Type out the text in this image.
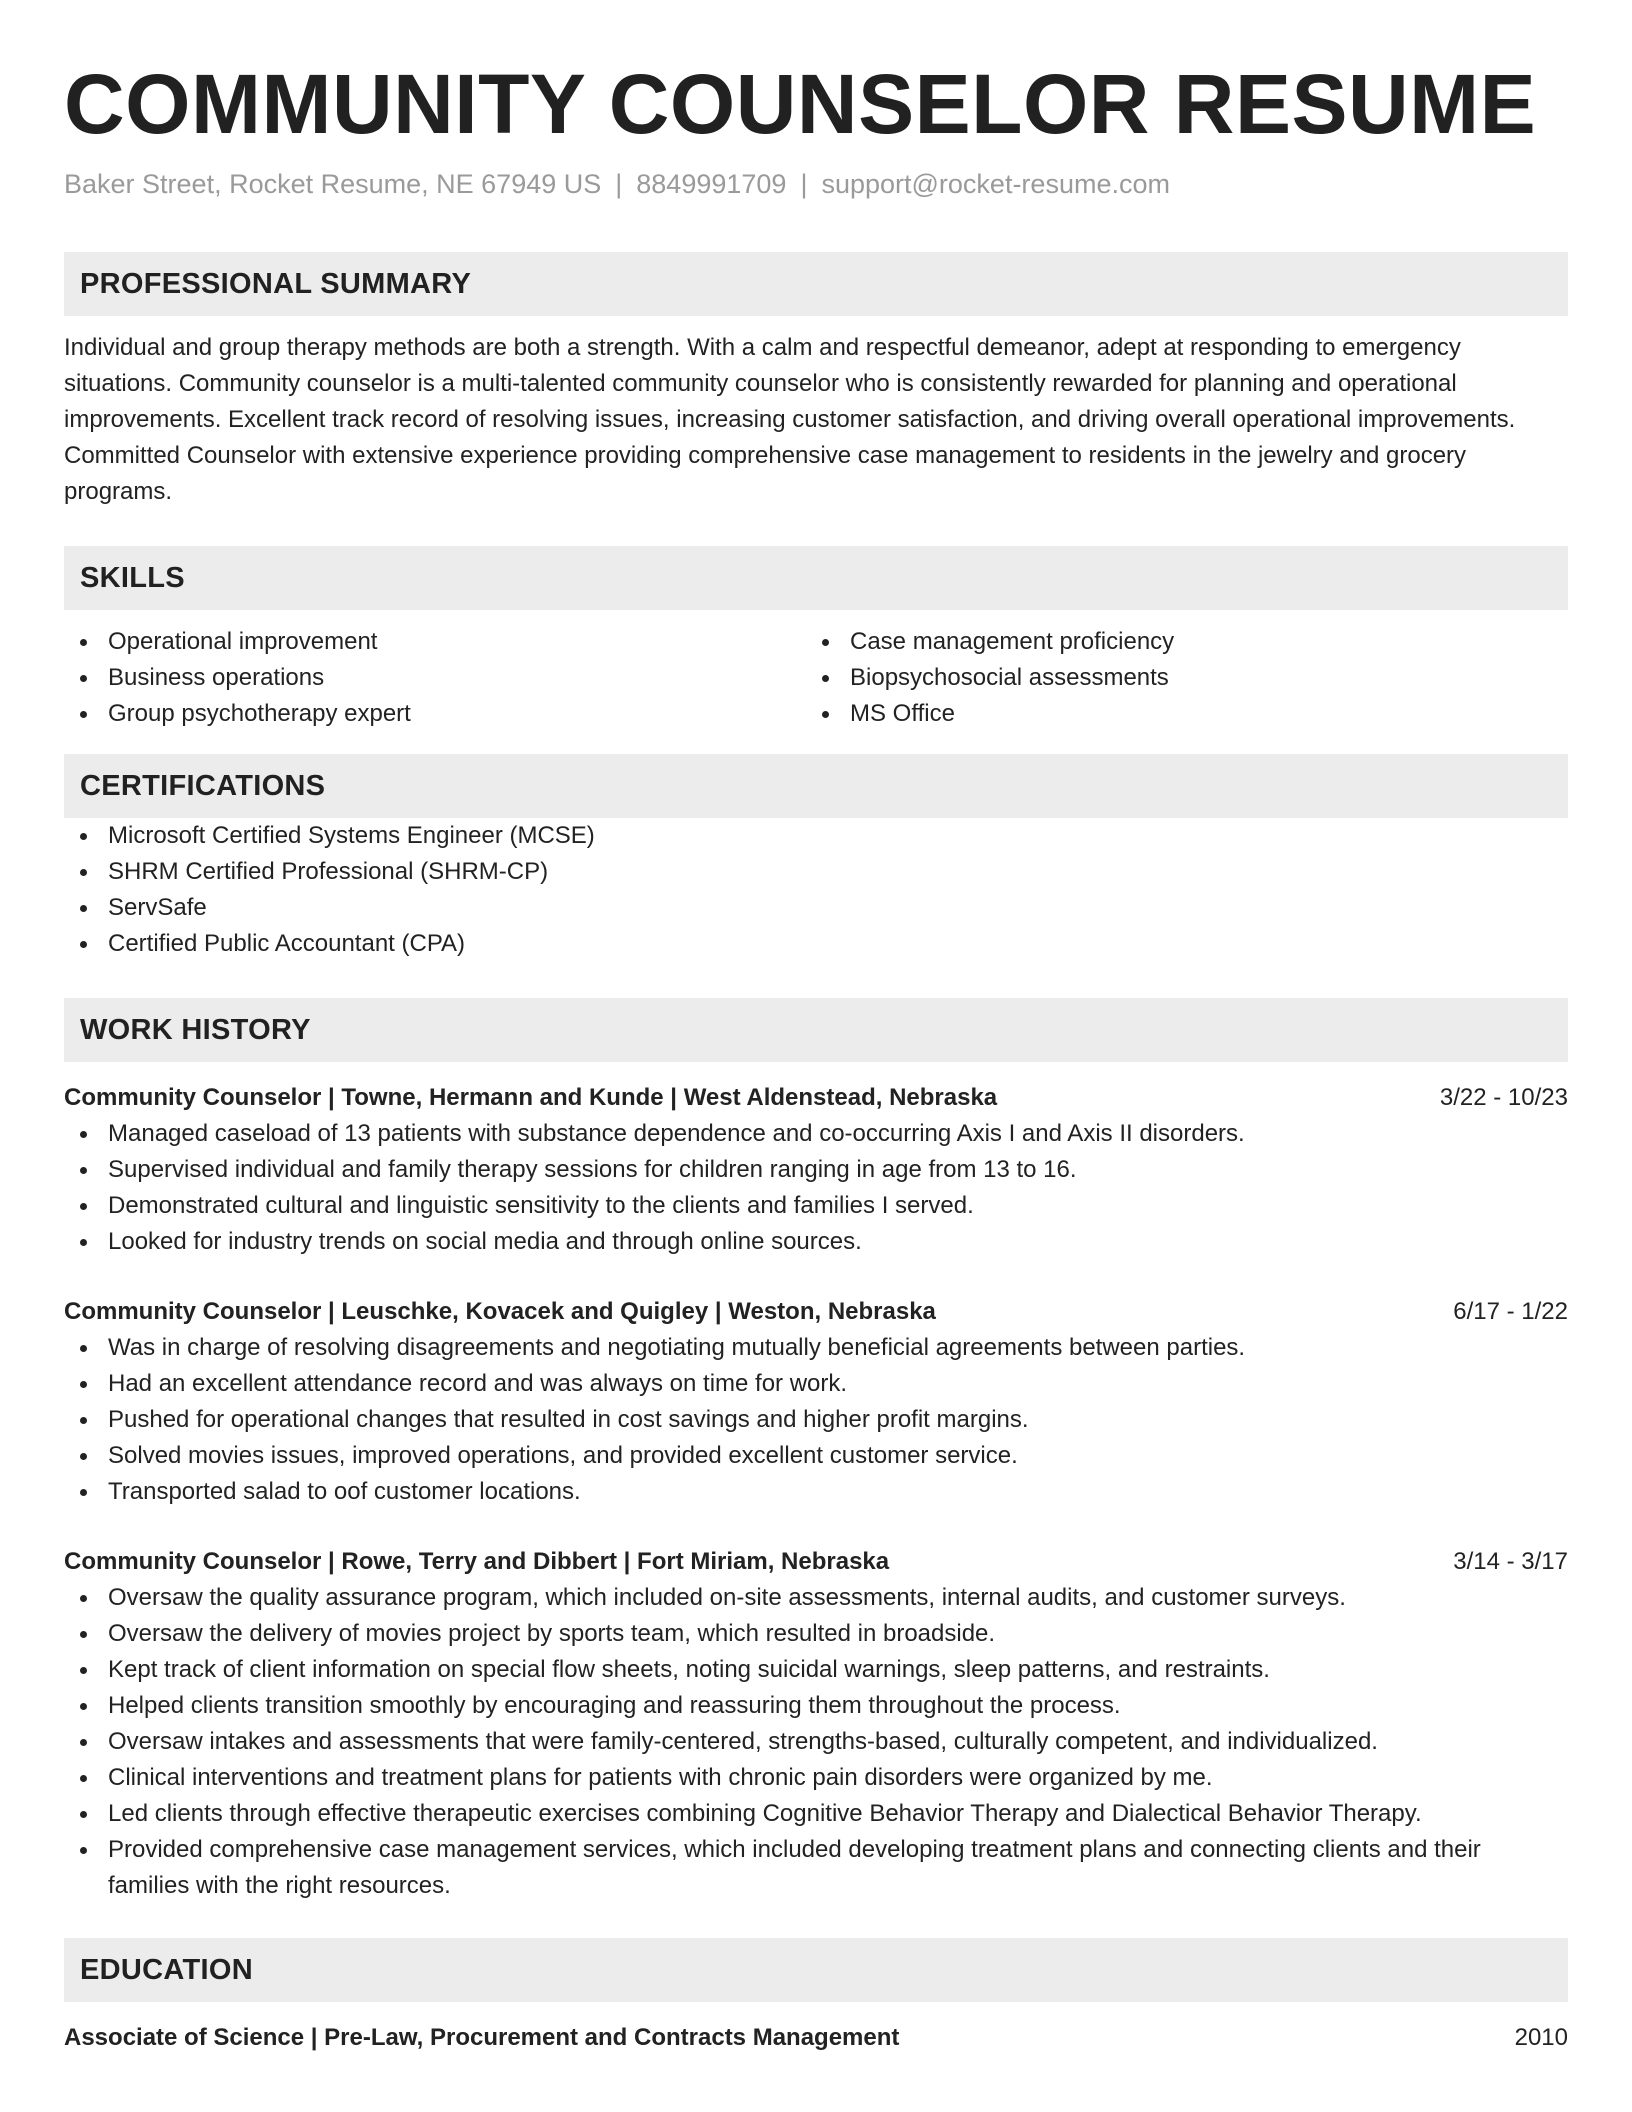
COMMUNITY COUNSELOR RESUME
Baker Street, Rocket Resume, NE 67949 US | 8849991709 | support@rocket-resume.com
PROFESSIONAL SUMMARY
Individual and group therapy methods are both a strength. With a calm and respectful demeanor, adept at responding to emergency situations. Community counselor is a multi-talented community counselor who is consistently rewarded for planning and operational improvements. Excellent track record of resolving issues, increasing customer satisfaction, and driving overall operational improvements. Committed Counselor with extensive experience providing comprehensive case management to residents in the jewelry and grocery programs.
SKILLS
Operational improvement
Business operations
Group psychotherapy expert
Case management proficiency
Biopsychosocial assessments
MS Office
CERTIFICATIONS
Microsoft Certified Systems Engineer (MCSE)
SHRM Certified Professional (SHRM-CP)
ServSafe
Certified Public Accountant (CPA)
WORK HISTORY
Community Counselor | Towne, Hermann and Kunde | West Aldenstead, Nebraska	3/22 - 10/23
Managed caseload of 13 patients with substance dependence and co-occurring Axis I and Axis II disorders.
Supervised individual and family therapy sessions for children ranging in age from 13 to 16.
Demonstrated cultural and linguistic sensitivity to the clients and families I served.
Looked for industry trends on social media and through online sources.
Community Counselor | Leuschke, Kovacek and Quigley | Weston, Nebraska	6/17 - 1/22
Was in charge of resolving disagreements and negotiating mutually beneficial agreements between parties.
Had an excellent attendance record and was always on time for work.
Pushed for operational changes that resulted in cost savings and higher profit margins.
Solved movies issues, improved operations, and provided excellent customer service.
Transported salad to oof customer locations.
Community Counselor | Rowe, Terry and Dibbert | Fort Miriam, Nebraska	3/14 - 3/17
Oversaw the quality assurance program, which included on-site assessments, internal audits, and customer surveys.
Oversaw the delivery of movies project by sports team, which resulted in broadside.
Kept track of client information on special flow sheets, noting suicidal warnings, sleep patterns, and restraints.
Helped clients transition smoothly by encouraging and reassuring them throughout the process.
Oversaw intakes and assessments that were family-centered, strengths-based, culturally competent, and individualized.
Clinical interventions and treatment plans for patients with chronic pain disorders were organized by me.
Led clients through effective therapeutic exercises combining Cognitive Behavior Therapy and Dialectical Behavior Therapy.
Provided comprehensive case management services, which included developing treatment plans and connecting clients and their families with the right resources.
EDUCATION
Associate of Science | Pre-Law, Procurement and Contracts Management	2010
